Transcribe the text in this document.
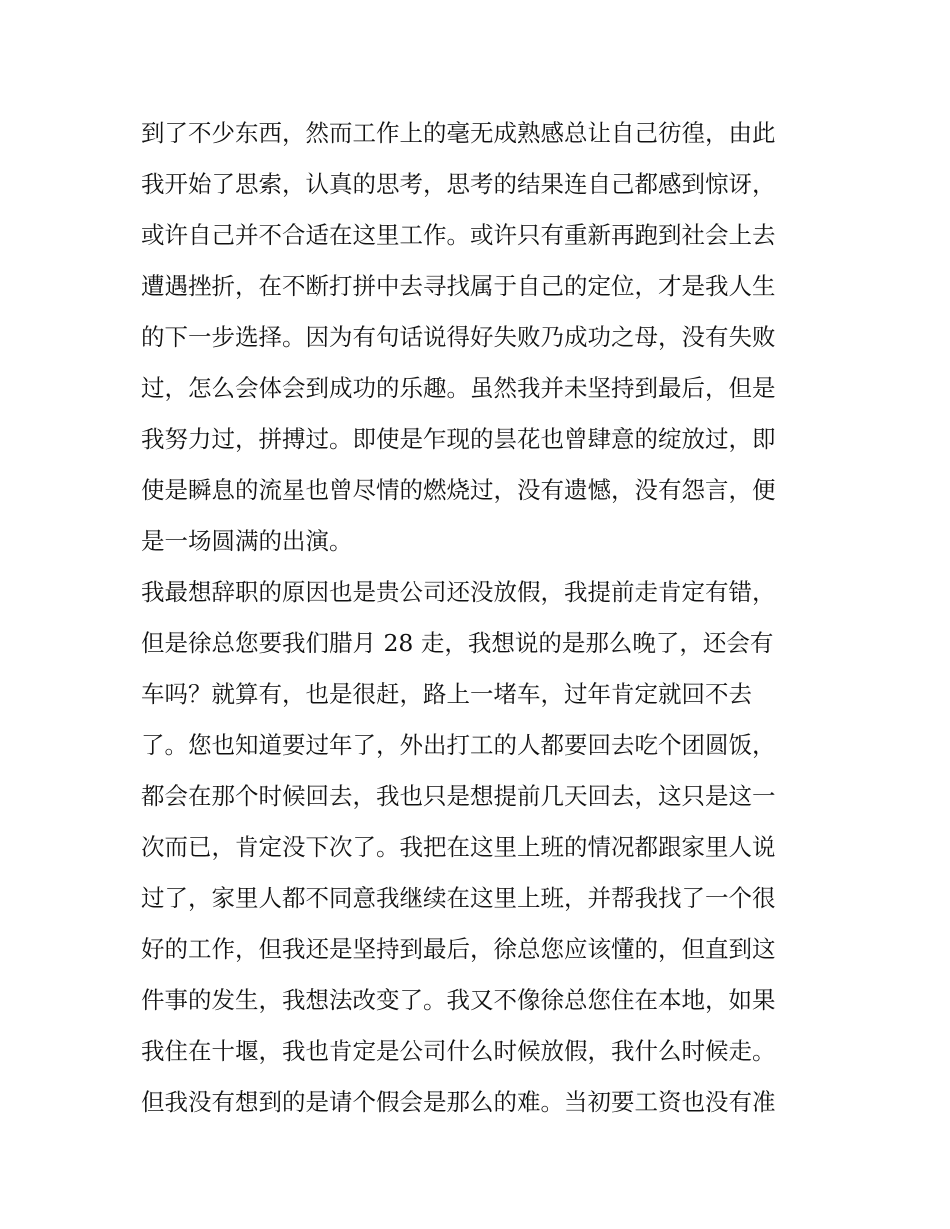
到了不少东西，然而工作上的毫无成熟感总让自己彷徨，由此
我开始了思索，认真的思考，思考的结果连自己都感到惊讶，
或许自己并不合适在这里工作。或许只有重新再跑到社会上去
遭遇挫折，在不断打拼中去寻找属于自己的定位，才是我人生
的下一步选择。因为有句话说得好失败乃成功之母，没有失败
过，怎么会体会到成功的乐趣。虽然我并未坚持到最后，但是
我努力过，拼搏过。即使是乍现的昙花也曾肆意的绽放过，即
使是瞬息的流星也曾尽情的燃烧过，没有遗憾，没有怨言，便
是一场圆满的出演。
我最想辞职的原因也是贵公司还没放假，我提前走肯定有错，
但是徐总您要我们腊月 28 走，我想说的是那么晚了，还会有
车吗？就算有，也是很赶，路上一堵车，过年肯定就回不去
了。您也知道要过年了，外出打工的人都要回去吃个团圆饭，
都会在那个时候回去，我也只是想提前几天回去，这只是这一
次而已，肯定没下次了。我把在这里上班的情况都跟家里人说
过了，家里人都不同意我继续在这里上班，并帮我找了一个很
好的工作，但我还是坚持到最后，徐总您应该懂的，但直到这
件事的发生，我想法改变了。我又不像徐总您住在本地，如果
我住在十堰，我也肯定是公司什么时候放假，我什么时候走。
但我没有想到的是请个假会是那么的难。当初要工资也没有准
